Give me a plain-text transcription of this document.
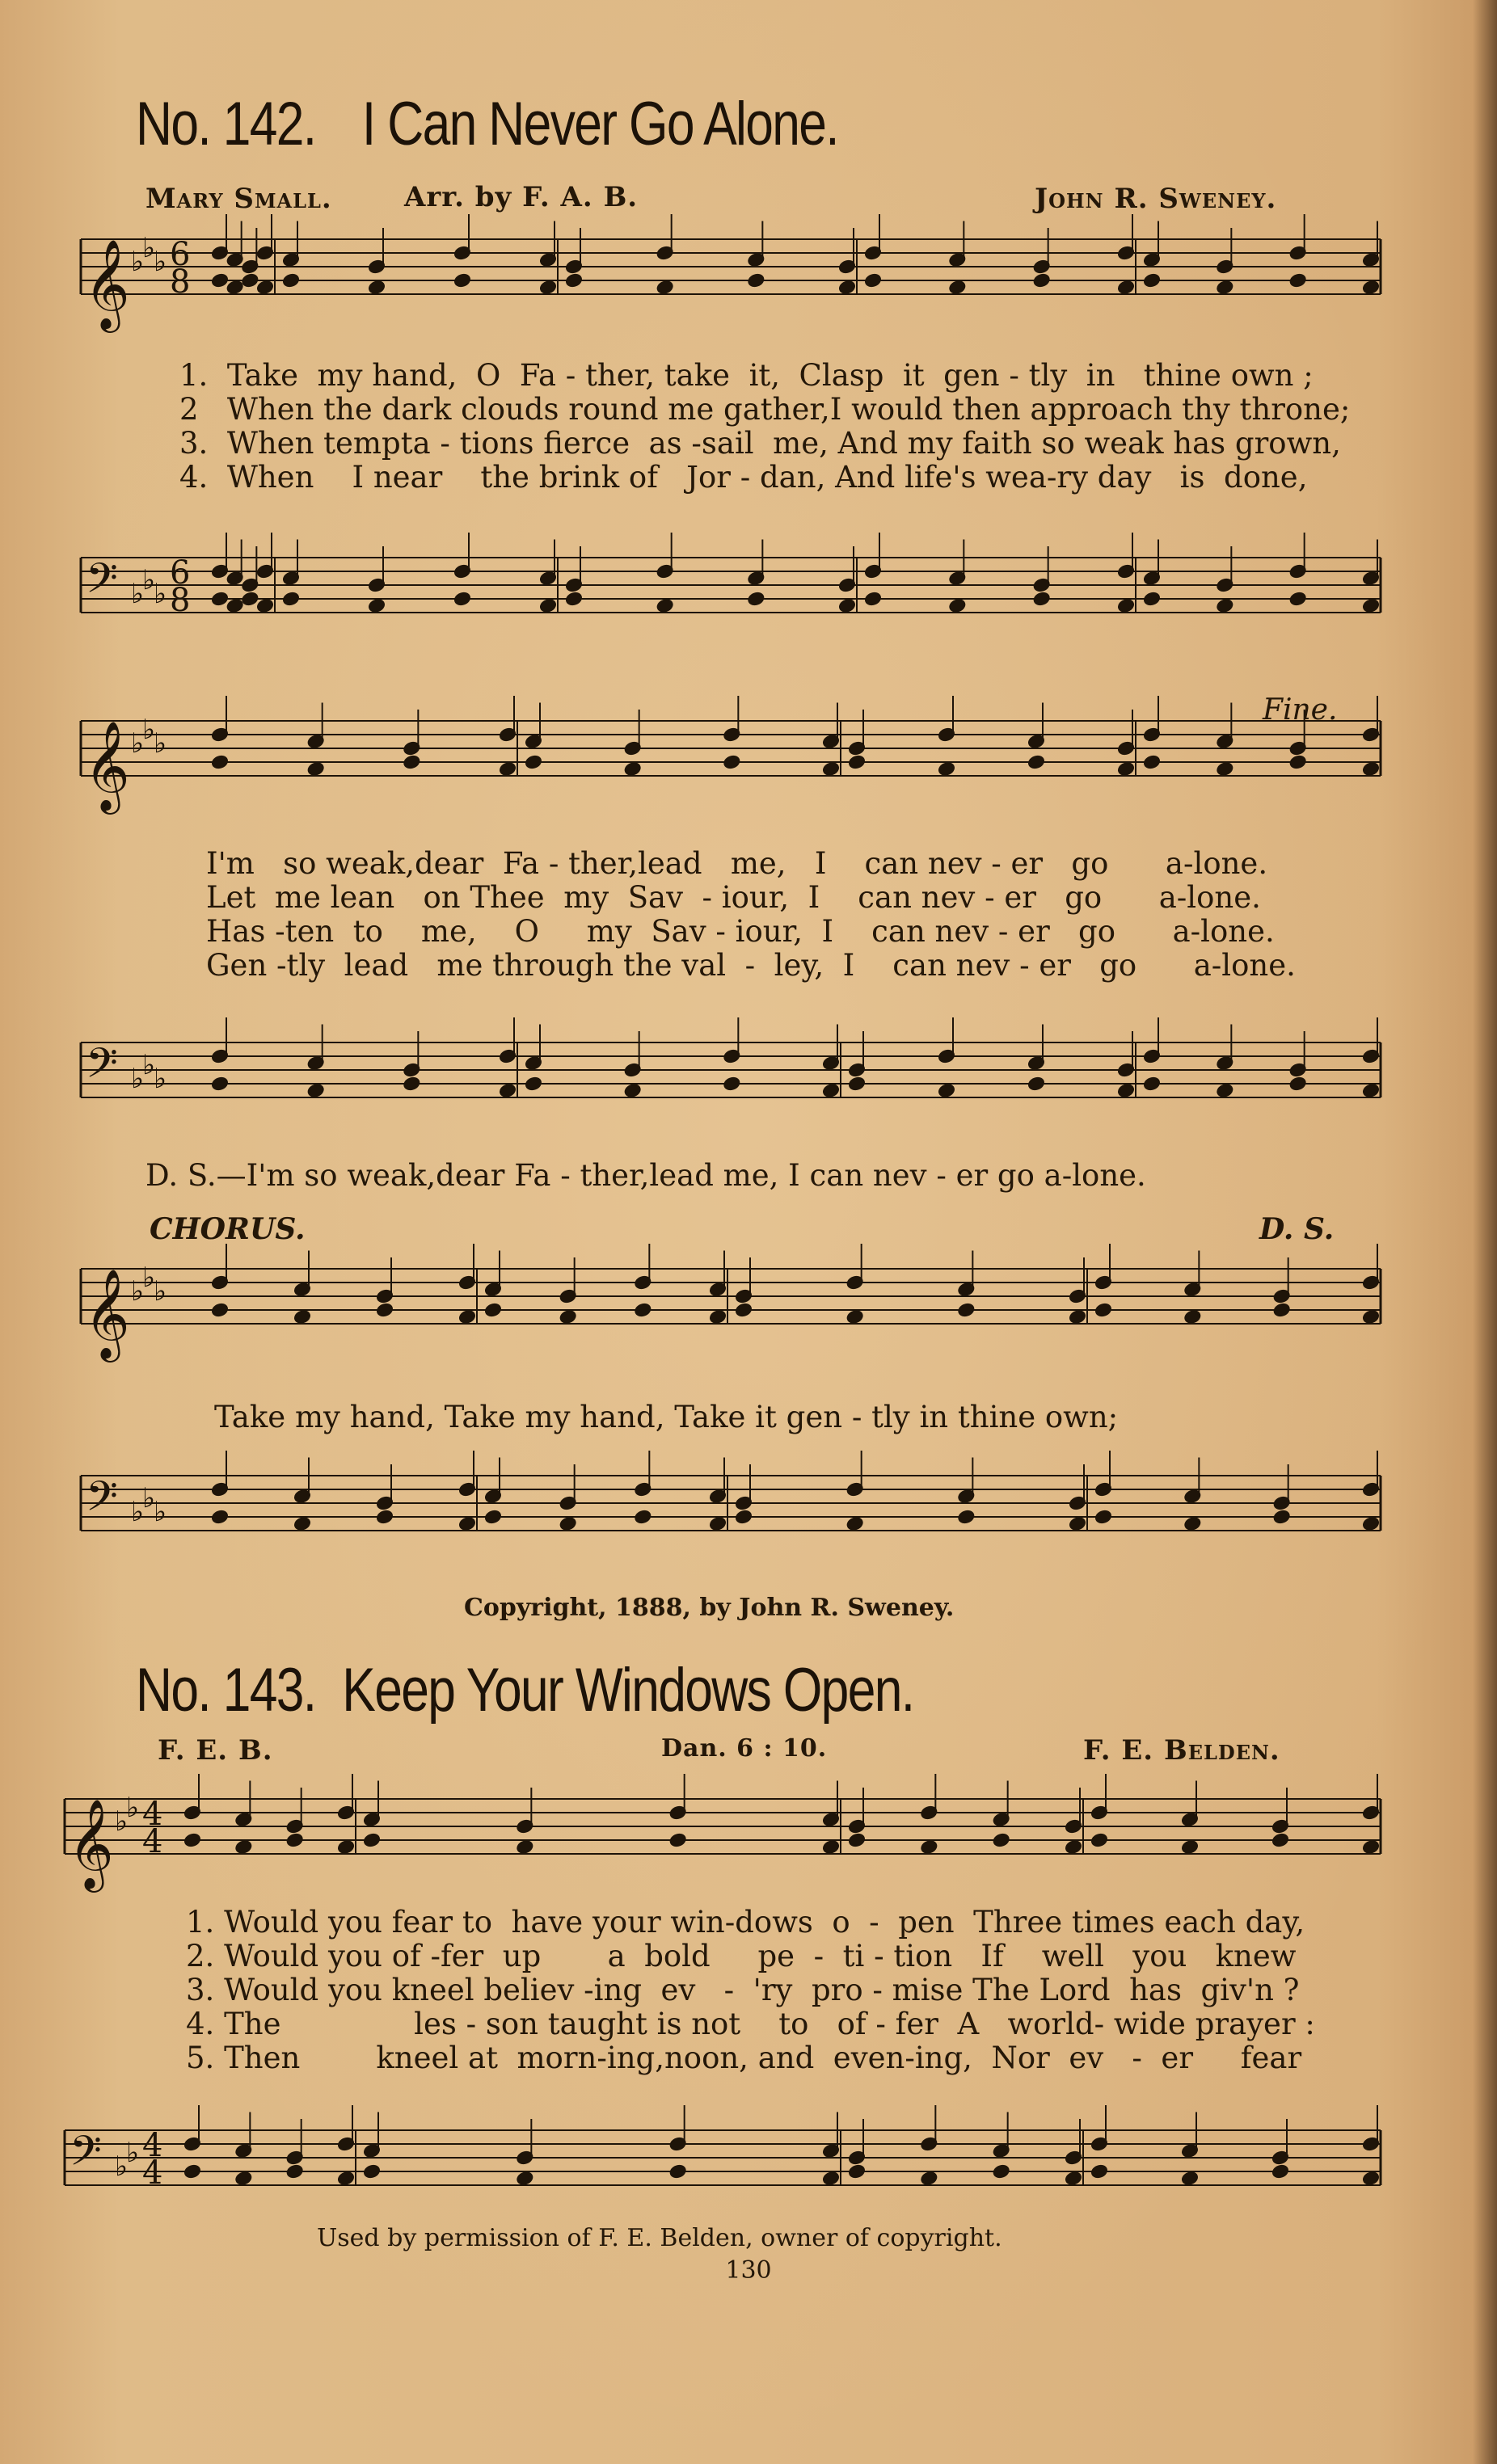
No. 142. I Can Never Go Alone.
Mary Small.	Arr. by F. A. B.	John R. Sweney.
𝄞 ♭
♭
♭ 6
8
𝄢 ♭
♭
♭
6
8
𝄞 ♭
♭
♭
𝄢 ♭
♭
♭
𝄞 ♭
♭
♭
𝄢 ♭
♭
♭
𝄞 ♭
♭ 4
4
𝄢 ♭
♭ 4
4
1.  Take  my hand,  O  Fa - ther, take  it,  Clasp  it  gen - tly  in   thine own ;
2   When the dark clouds round me gather,I would then approach thy throne;
3.  When tempta - tions fierce  as -sail  me, And my faith so weak has grown,
4.  When    I near    the brink of   Jor - dan, And life's wea-ry day   is  done,
Fine.
I'm   so weak,dear  Fa - ther,lead   me,   I    can nev - er   go      a-lone.
Let  me lean   on Thee  my  Sav  - iour,  I    can nev - er   go      a-lone.
Has -ten  to    me,    O     my  Sav - iour,  I    can nev - er   go      a-lone.
Gen -tly  lead   me through the val  -  ley,  I    can nev - er   go      a-lone.
D. S.—I'm so weak,dear Fa - ther,lead me, I can nev - er go a-lone.
CHORUS.	D. S.
Take my hand, Take my hand, Take it gen - tly in thine own;
Copyright, 1888, by John R. Sweney.
No. 143. Keep Your Windows Open.
F. E. B.	Dan. 6 : 10.	F. E. Belden.
1. Would you fear to  have your win-dows  o  -  pen  Three times each day,
2. Would you of -fer  up       a  bold     pe  -  ti - tion   If    well   you   knew
3. Would you kneel believ -ing  ev   -  'ry  pro - mise The Lord  has  giv'n ?
4. The              les - son taught is not    to   of - fer  A   world- wide prayer :
5. Then        kneel at  morn-ing,noon, and  even-ing,  Nor  ev   -  er     fear
Used by permission of F. E. Belden, owner of copyright.
130
